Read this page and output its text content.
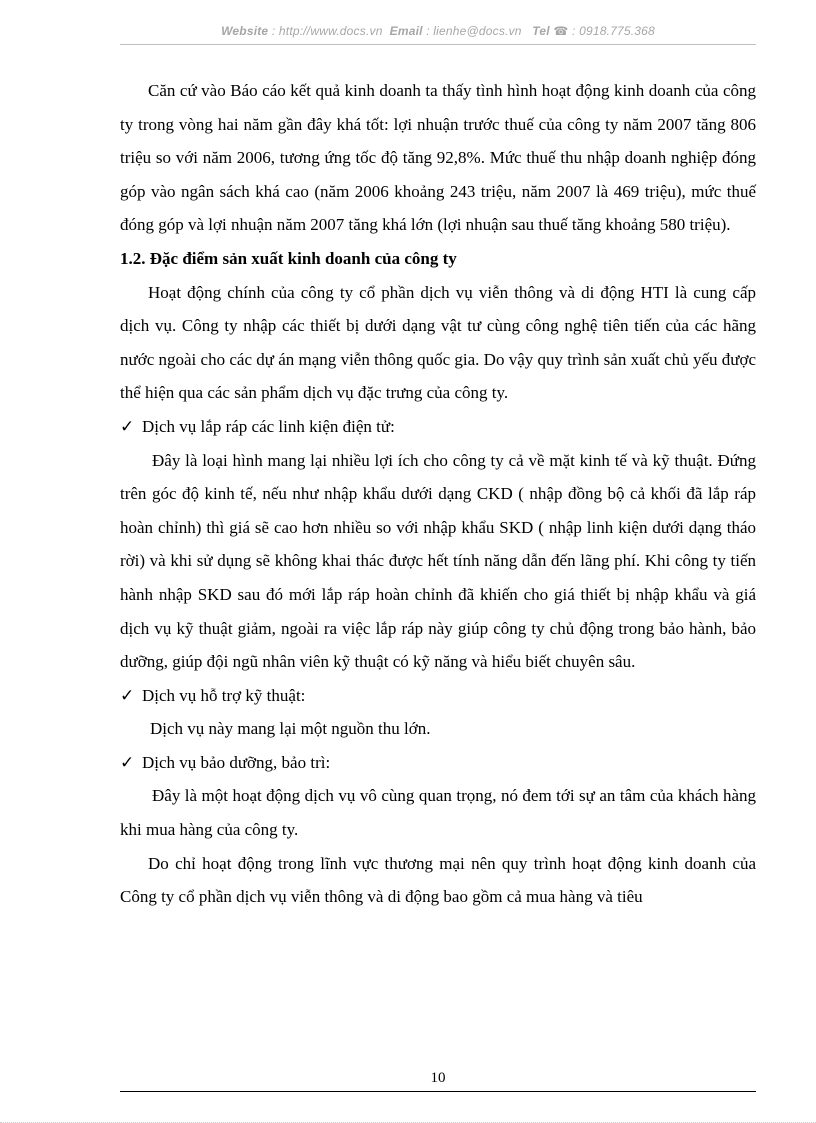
Website : http://www.docs.vn Email : lienhe@docs.vn Tel ☎ : 0918.775.368

Căn cứ vào Báo cáo kết quả kinh doanh ta thấy tình hình hoạt động kinh doanh của công ty trong vòng hai năm gần đây khá tốt: lợi nhuận trước thuế của công ty năm 2007 tăng 806 triệu so với năm 2006, tương ứng tốc độ tăng 92,8%. Mức thuế thu nhập doanh nghiệp đóng góp vào ngân sách khá cao (năm 2006 khoảng 243 triệu, năm 2007 là 469 triệu), mức thuế đóng góp và lợi nhuận năm 2007 tăng khá lớn (lợi nhuận sau thuế tăng khoảng 580 triệu).

1.2. Đặc điểm sản xuất kinh doanh của công ty

Hoạt động chính của công ty cổ phần dịch vụ viễn thông và di động HTI là cung cấp dịch vụ. Công ty nhập các thiết bị dưới dạng vật tư cùng công nghệ tiên tiến của các hãng nước ngoài cho các dự án mạng viễn thông quốc gia. Do vậy quy trình sản xuất chủ yếu được thể hiện qua các sản phẩm dịch vụ đặc trưng của công ty.

✓ Dịch vụ lắp ráp các linh kiện điện tử:

Đây là loại hình mang lại nhiều lợi ích cho công ty cả về mặt kinh tế và kỹ thuật. Đứng trên góc độ kinh tế, nếu như nhập khẩu dưới dạng CKD ( nhập đồng bộ cả khối đã lắp ráp hoàn chỉnh) thì giá sẽ cao hơn nhiều so với nhập khẩu SKD ( nhập linh kiện dưới dạng tháo rời) và khi sử dụng sẽ không khai thác được hết tính năng dẫn đến lãng phí. Khi công ty tiến hành nhập SKD sau đó mới lắp ráp hoàn chỉnh đã khiến cho giá thiết bị nhập khẩu và giá dịch vụ kỹ thuật giảm, ngoài ra việc lắp ráp này giúp công ty chủ động trong bảo hành, bảo dưỡng, giúp đội ngũ nhân viên kỹ thuật có kỹ năng và hiểu biết chuyên sâu.

✓ Dịch vụ hỗ trợ kỹ thuật:

Dịch vụ này mang lại một nguồn thu lớn.

✓ Dịch vụ bảo dưỡng, bảo trì:

Đây là một hoạt động dịch vụ vô cùng quan trọng, nó đem tới sự an tâm của khách hàng khi mua hàng của công ty.

Do chỉ hoạt động trong lĩnh vực thương mại nên quy trình hoạt động kinh doanh của Công ty cổ phần dịch vụ viễn thông và di động bao gồm cả mua hàng và tiêu

10
